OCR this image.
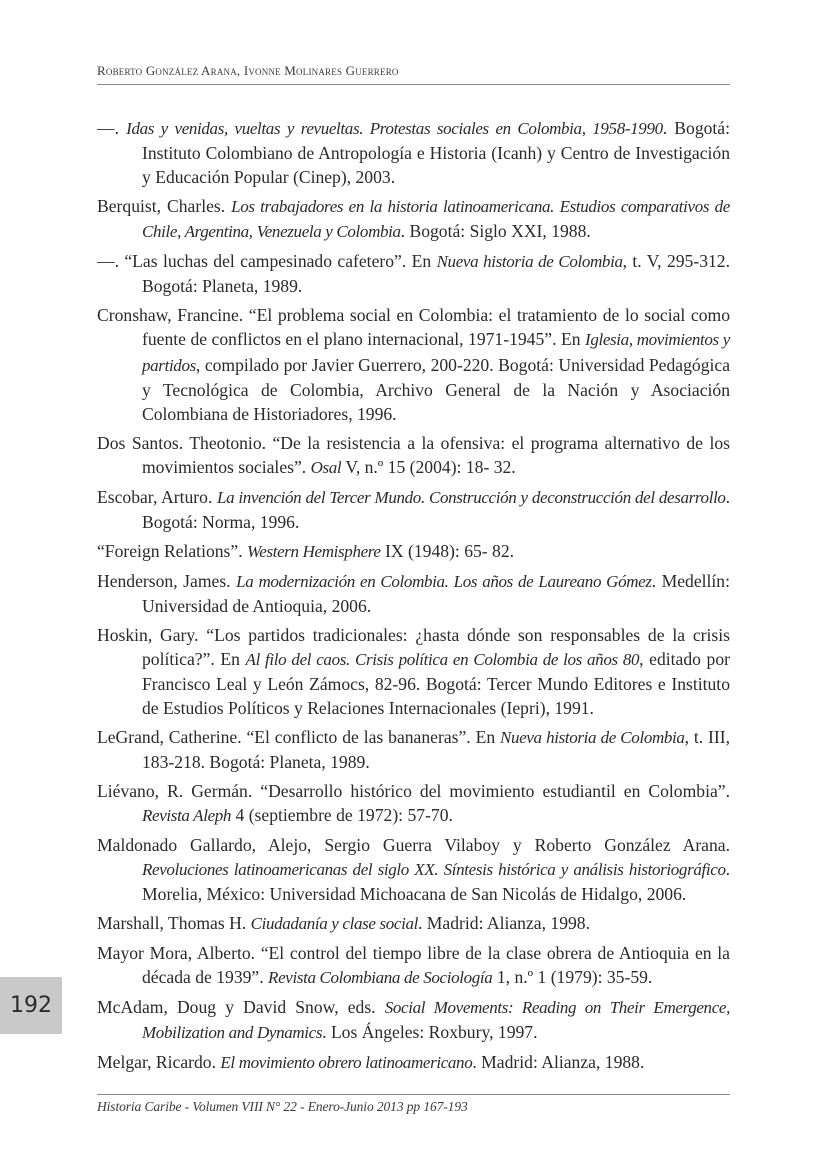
Roberto González Arana, Ivonne Molinares Guerrero
—. Idas y venidas, vueltas y revueltas. Protestas sociales en Colombia, 1958-1990. Bogotá: Instituto Colombiano de Antropología e Historia (Icanh) y Centro de Investigación y Educación Popular (Cinep), 2003.
Berquist, Charles. Los trabajadores en la historia latinoamericana. Estudios comparativos de Chile, Argentina, Venezuela y Colombia. Bogotá: Siglo XXI, 1988.
—. “Las luchas del campesinado cafetero”. En Nueva historia de Colombia, t. V, 295-312. Bogotá: Planeta, 1989.
Cronshaw, Francine. “El problema social en Colombia: el tratamiento de lo social como fuente de conflictos en el plano internacional, 1971-1945”. En Iglesia, movimientos y partidos, compilado por Javier Guerrero, 200-220. Bogotá: Universidad Pedagógica y Tecnológica de Colombia, Archivo General de la Nación y Asociación Colombiana de Historiadores, 1996.
Dos Santos. Theotonio. “De la resistencia a la ofensiva: el programa alternativo de los movimientos sociales”. Osal V, n.º 15 (2004): 18- 32.
Escobar, Arturo. La invención del Tercer Mundo. Construcción y deconstrucción del desarrollo. Bogotá: Norma, 1996.
“Foreign Relations”. Western Hemisphere IX (1948): 65- 82.
Henderson, James. La modernización en Colombia. Los años de Laureano Gómez. Medellín: Universidad de Antioquia, 2006.
Hoskin, Gary. “Los partidos tradicionales: ¿hasta dónde son responsables de la crisis política?”. En Al filo del caos. Crisis política en Colombia de los años 80, editado por Francisco Leal y León Zámocs, 82-96. Bogotá: Tercer Mundo Editores e Instituto de Estudios Políticos y Relaciones Internacionales (Iepri), 1991.
LeGrand, Catherine. “El conflicto de las bananeras”. En Nueva historia de Colombia, t. III, 183-218. Bogotá: Planeta, 1989.
Liévano, R. Germán. “Desarrollo histórico del movimiento estudiantil en Colombia”. Revista Aleph 4 (septiembre de 1972): 57-70.
Maldonado Gallardo, Alejo, Sergio Guerra Vilaboy y Roberto González Arana. Revoluciones latinoamericanas del siglo XX. Síntesis histórica y análisis historiográfico. Morelia, México: Universidad Michoacana de San Nicolás de Hidalgo, 2006.
Marshall, Thomas H. Ciudadanía y clase social. Madrid: Alianza, 1998.
Mayor Mora, Alberto. “El control del tiempo libre de la clase obrera de Antioquia en la década de 1939”. Revista Colombiana de Sociología 1, n.º 1 (1979): 35-59.
McAdam, Doug y David Snow, eds. Social Movements: Reading on Their Emergence, Mobilization and Dynamics. Los Ángeles: Roxbury, 1997.
Melgar, Ricardo. El movimiento obrero latinoamericano. Madrid: Alianza, 1988.
192
Historia Caribe - Volumen VIII N° 22 - Enero-Junio 2013 pp 167-193
